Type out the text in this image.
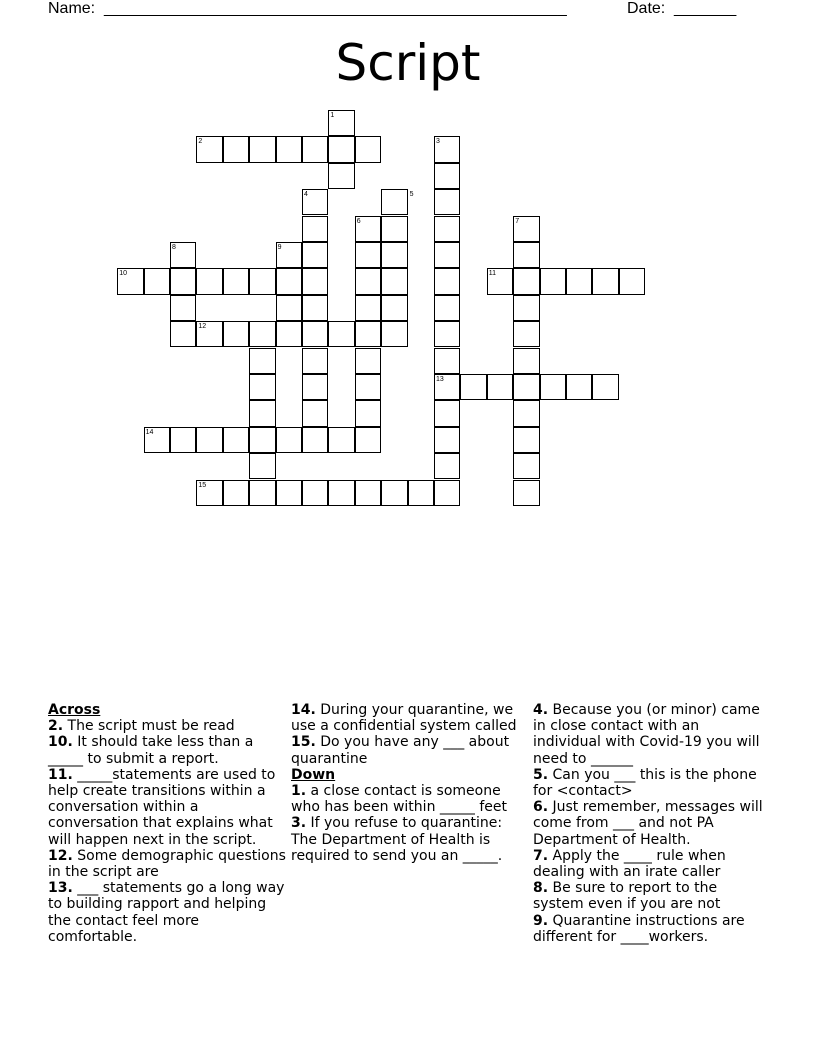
Name: ____________________________________________________	Date: _______
Script
1
2	3
4	5
6	7
8	9
10	11
12
13
14
15
Across
2. The script must be read
10. It should take less than a _____ to submit a report.
11. _____statements are used to help create transitions within a conversation within a conversation that explains what will happen next in the script.
12. Some demographic questions in the script are
13. ___ statements go a long way to building rapport and helping the contact feel more comfortable.
14. During your quarantine, we use a confidential system called
15. Do you have any ___ about quarantine
Down
1. a close contact is someone who has been within _____ feet
3. If you refuse to quarantine: The Department of Health is required to send you an _____.
4. Because you (or minor) came in close contact with an individual with Covid-19 you will need to ______
5. Can you ___ this is the phone for <contact>
6. Just remember, messages will come from ___ and not PA Department of Health.
7. Apply the ____ rule when dealing with an irate caller
8. Be sure to report to the system even if you are not
9. Quarantine instructions are different for ____workers.
